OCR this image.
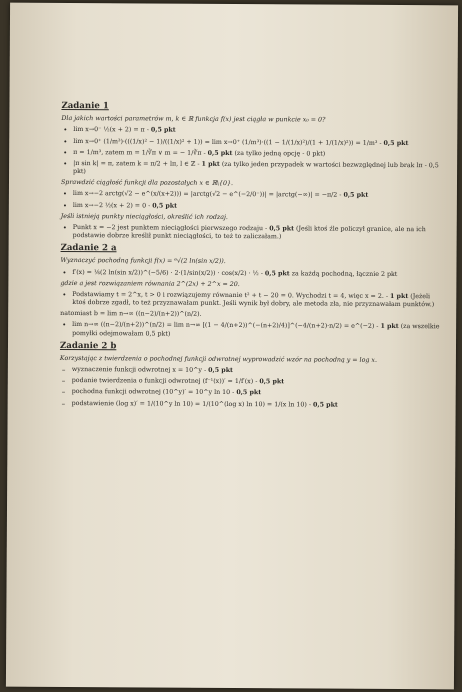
Zadanie 1
Dla jakich wartości parametrów m, k ∈ ℝ funkcja f(x) jest ciągła w punkcie x₀ = 0?
• lim x→0⁻ ½(x + 2) = π - 0,5 pkt
• lim x→0⁺ (1/m³)·(((1/x)² − 1)/((1/x)² + 1)) = lim x→0⁺ (1/m³)·((1 − 1/(1/x)²)/(1 + 1/(1/x)²)) = 1/m³ - 0,5 pkt
• π = 1/m³, zatem m = 1/∛π ∨ m = − 1/∛π - 0,5 pkt (za tylko jedną opcję - 0 pkt)
• |π sin k| = π, zatem k = π/2 + lπ, l ∈ ℤ - 1 pkt (za tylko jeden przypadek w wartości bezwzględnej lub brak lπ - 0,5 pkt)
Sprawdzić ciągłość funkcji dla pozostałych x ∈ ℝ\{0}.
• lim x→−2 arctg(√2 − e^(x/(x+2))) = |arctg(√2 − e^(−2/0⁻))| = |arctg(−∞)| = −π/2 - 0,5 pkt
• lim x→−2 ½(x + 2) = 0 - 0,5 pkt
Jeśli istnieją punkty nieciągłości, określić ich rodzaj.
• Punkt x = −2 jest punktem nieciągłości pierwszego rodzaju - 0,5 pkt (Jeśli ktoś źle policzył granice, ale na ich podstawie dobrze kreślił punkt nieciągłości, to też to zaliczałam.)
Zadanie 2 a
Wyznaczyć pochodną funkcji f(x) = ⁶√(2 ln(sin x/2)).
• f′(x) = ⅙(2 ln(sin x/2))^(−5/6) · 2·(1/sin(x/2)) · cos(x/2) · ½ - 0,5 pkt za każdą pochodną, łącznie 2 pkt
gdzie a jest rozwiązaniem równania 2^(2x) + 2^x = 20.
• Podstawiamy t = 2^x, t > 0 i rozwiązujemy równanie t² + t − 20 = 0. Wychodzi t = 4, więc x = 2. - 1 pkt (Jeżeli ktoś dobrze zgadł, to też przyznawałam punkt. Jeśli wynik był dobry, ale metoda zła, nie przyznawałam punktów.)
natomiast b = lim n→∞ ((n−2)/(n+2))^(n/2).
• lim n→∞ ((n−2)/(n+2))^(n/2) = lim n→∞ [(1 − 4/(n+2))^(−(n+2)/4)]^(−4/(n+2)·n/2) = e^(−2) - 1 pkt (za wszelkie pomyłki odejmowałam 0,5 pkt)
Zadanie 2 b
Korzystając z twierdzenia o pochodnej funkcji odwrotnej wyprowadzić wzór na pochodną y = log x.
– wyznaczenie funkcji odwrotnej x = 10^y - 0,5 pkt
– podanie twierdzenia o funkcji odwrotnej (f⁻¹(x))′ = 1/f′(x) - 0,5 pkt
– pochodna funkcji odwrotnej (10^y)′ = 10^y ln 10 - 0,5 pkt
– podstawienie (log x)′ = 1/(10^y ln 10) = 1/(10^(log x) ln 10) = 1/(x ln 10) - 0,5 pkt
